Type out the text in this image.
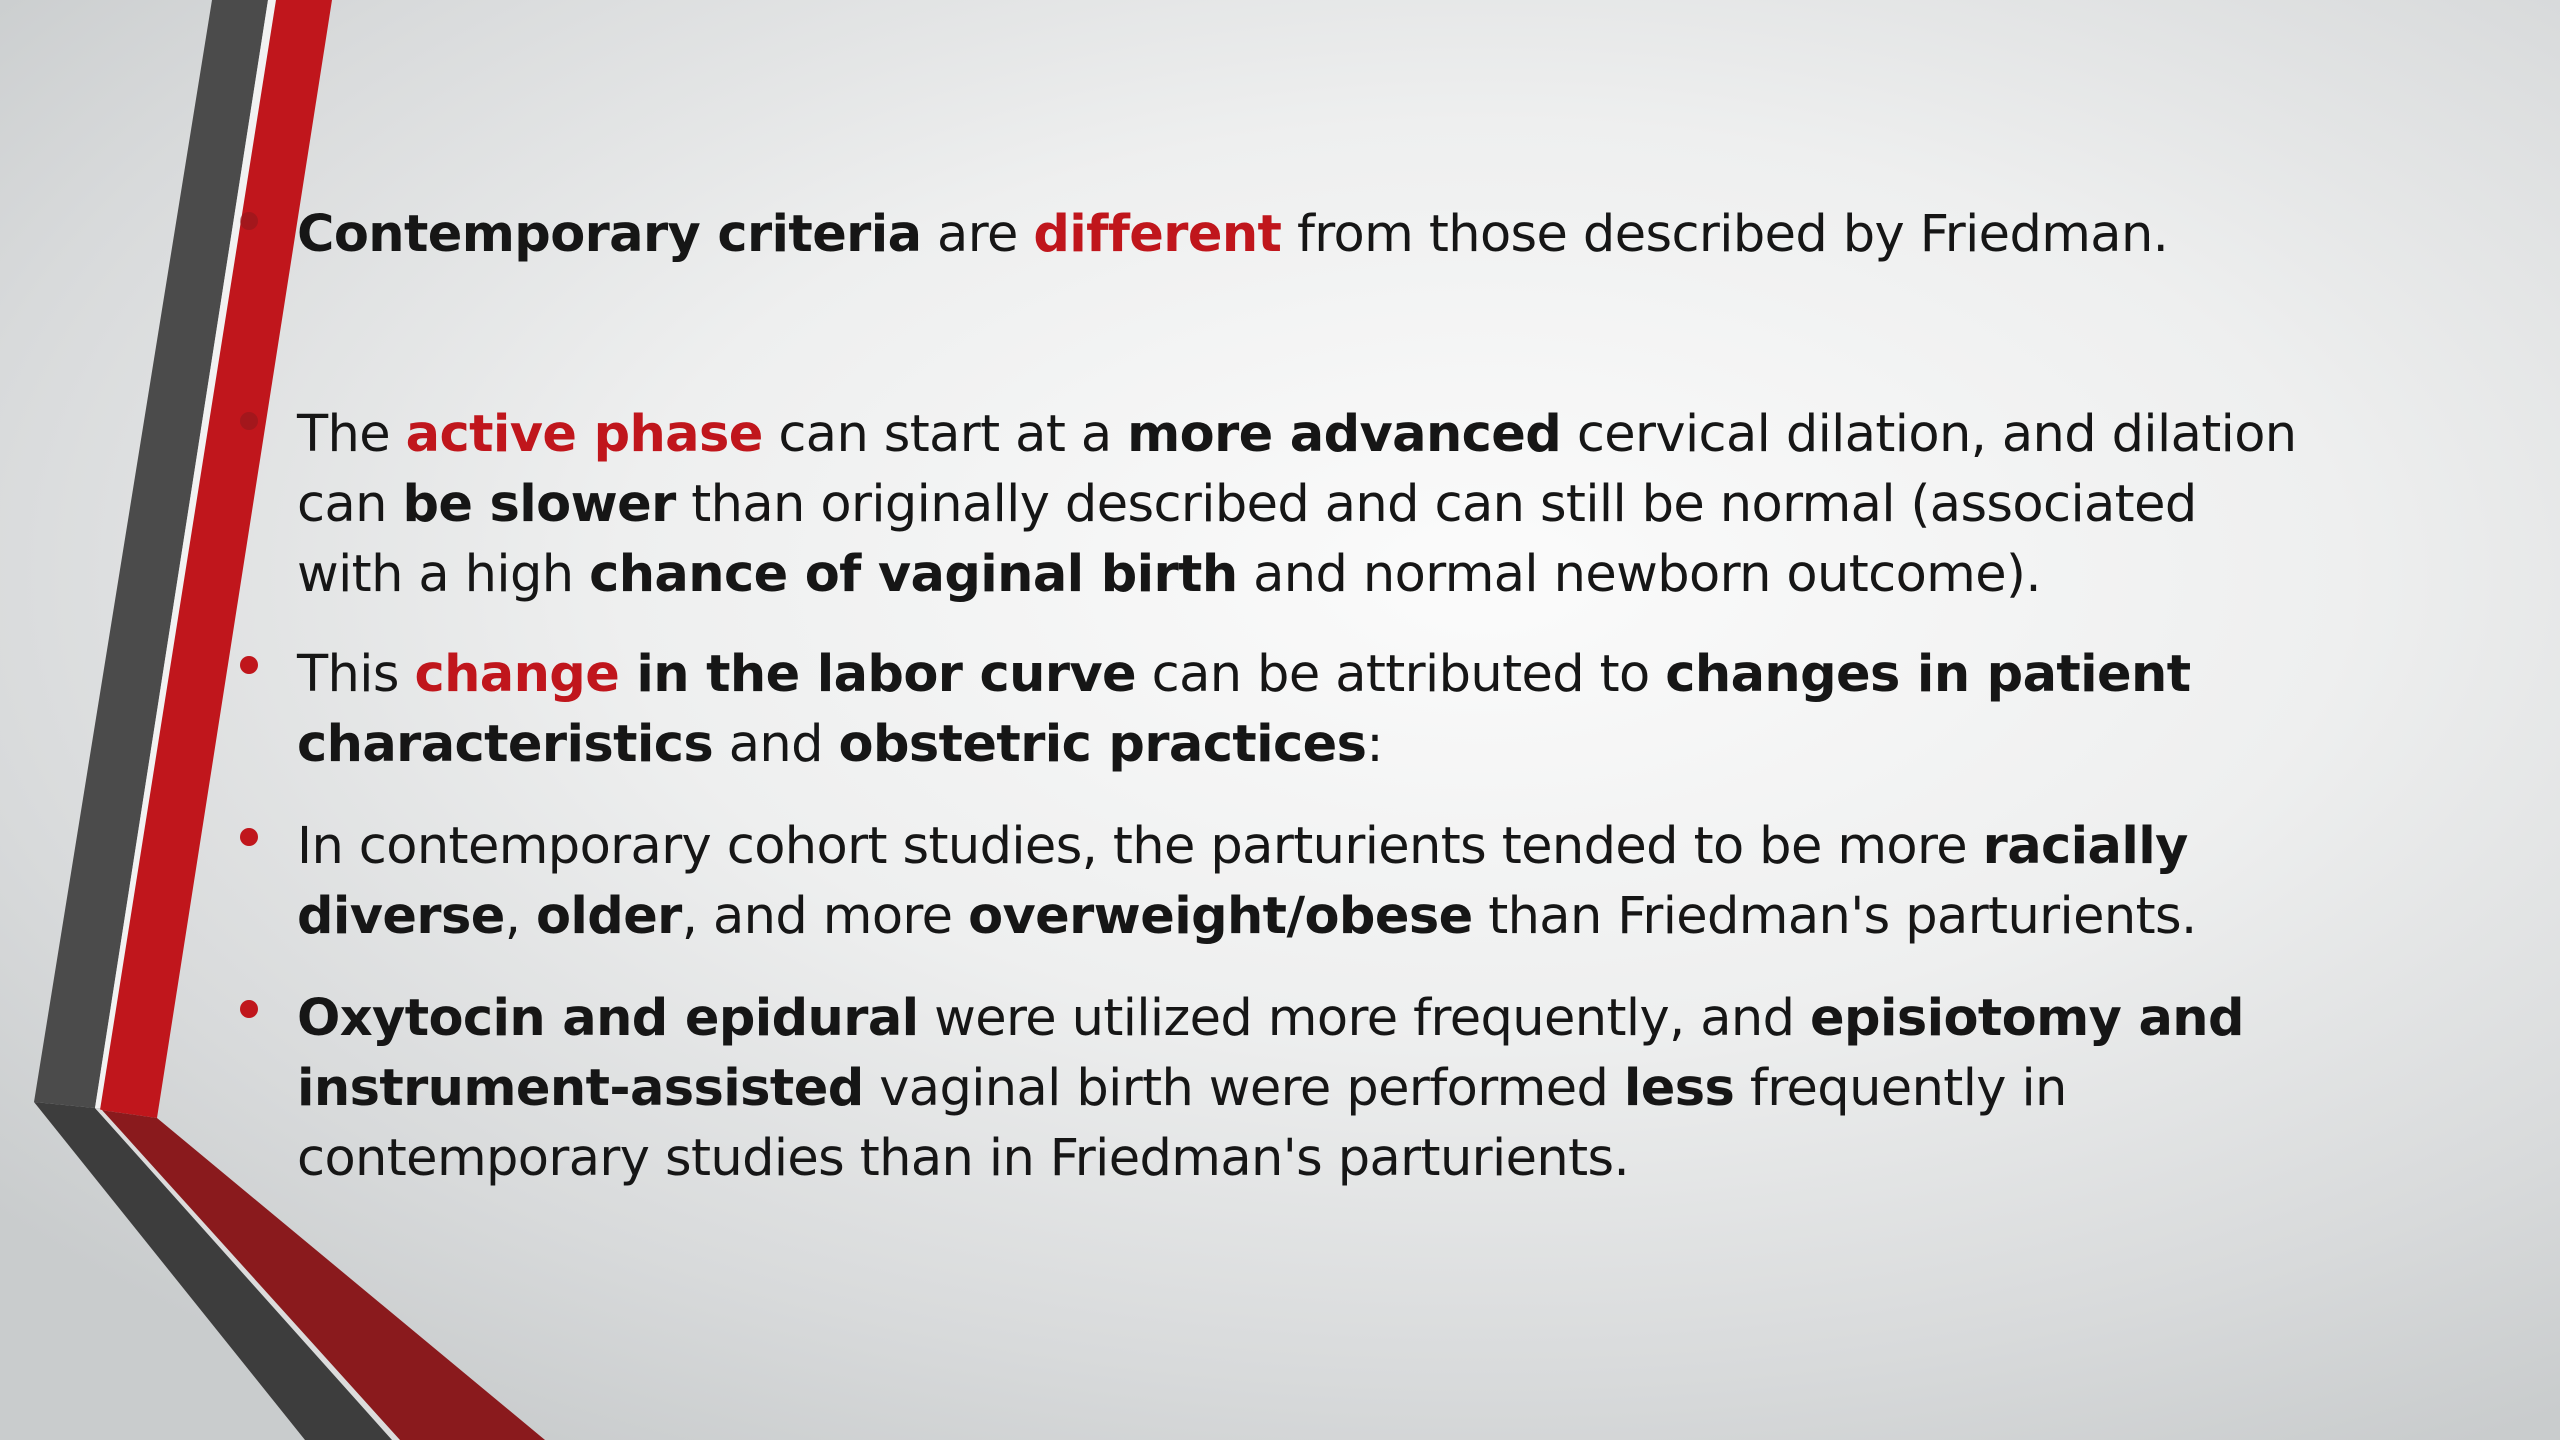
Contemporary criteria are different from those described by Friedman.

The active phase can start at a more advanced cervical dilation, and dilation can be slower than originally described and can still be normal (associated with a high chance of vaginal birth and normal newborn outcome).

This change in the labor curve can be attributed to changes in patient characteristics and obstetric practices:

In contemporary cohort studies, the parturients tended to be more racially diverse, older, and more overweight/obese than Friedman's parturients.

Oxytocin and epidural were utilized more frequently, and episiotomy and instrument-assisted vaginal birth were performed less frequently in contemporary studies than in Friedman's parturients.
